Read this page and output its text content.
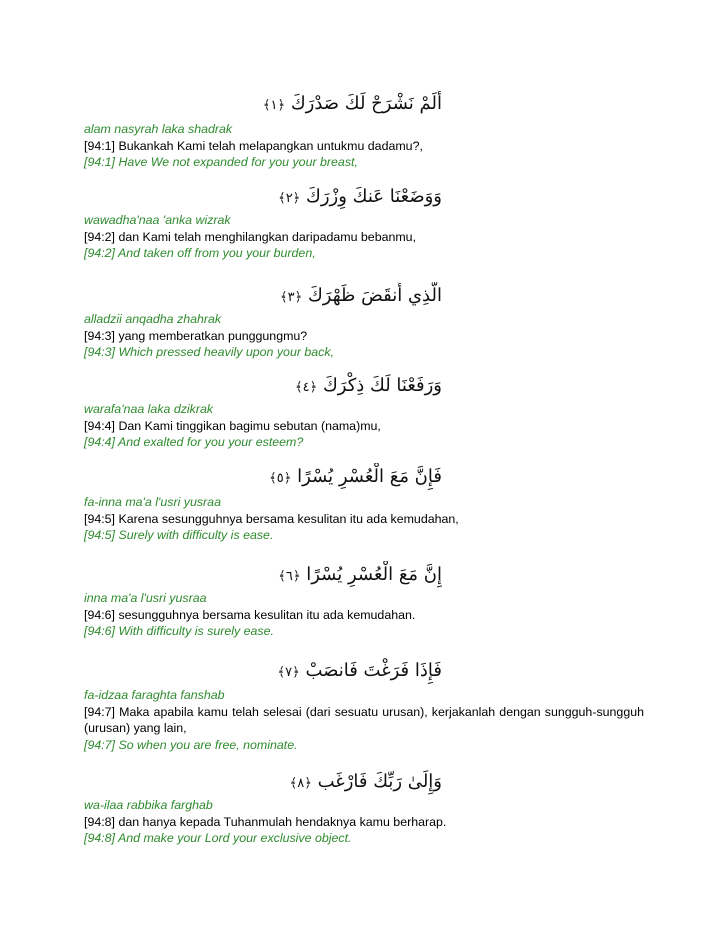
أَلَمْ نَشْرَحْ لَكَ صَدْرَكَ ﴿١﴾
alam nasyrah laka shadrak
[94:1] Bukankah Kami telah melapangkan untukmu dadamu?,
[94:1] Have We not expanded for you your breast,
وَوَضَعْنَا عَنكَ وِزْرَكَ ﴿٢﴾
wawadha'naa 'anka wizrak
[94:2] dan Kami telah menghilangkan daripadamu bebanmu,
[94:2] And taken off from you your burden,
الَّذِي أَنقَضَ ظَهْرَكَ ﴿٣﴾
alladzii anqadha zhahrak
[94:3] yang memberatkan punggungmu?
[94:3] Which pressed heavily upon your back,
وَرَفَعْنَا لَكَ ذِكْرَكَ ﴿٤﴾
warafa'naa laka dzikrak
[94:4] Dan Kami tinggikan bagimu sebutan (nama)mu,
[94:4] And exalted for you your esteem?
فَإِنَّ مَعَ الْعُسْرِ يُسْرًا ﴿٥﴾
fa-inna ma'a l'usri yusraa
[94:5] Karena sesungguhnya bersama kesulitan itu ada kemudahan,
[94:5] Surely with difficulty is ease.
إِنَّ مَعَ الْعُسْرِ يُسْرًا ﴿٦﴾
inna ma'a l'usri yusraa
[94:6] sesungguhnya bersama kesulitan itu ada kemudahan.
[94:6] With difficulty is surely ease.
فَإِذَا فَرَغْتَ فَانصَبْ ﴿٧﴾
fa-idzaa faraghta fanshab
[94:7] Maka apabila kamu telah selesai (dari sesuatu urusan), kerjakanlah dengan sungguh-sungguh (urusan) yang lain,
[94:7] So when you are free, nominate.
وَإِلَىٰ رَبِّكَ فَارْغَب ﴿٨﴾
wa-ilaa rabbika farghab
[94:8] dan hanya kepada Tuhanmulah hendaknya kamu berharap.
[94:8] And make your Lord your exclusive object.
